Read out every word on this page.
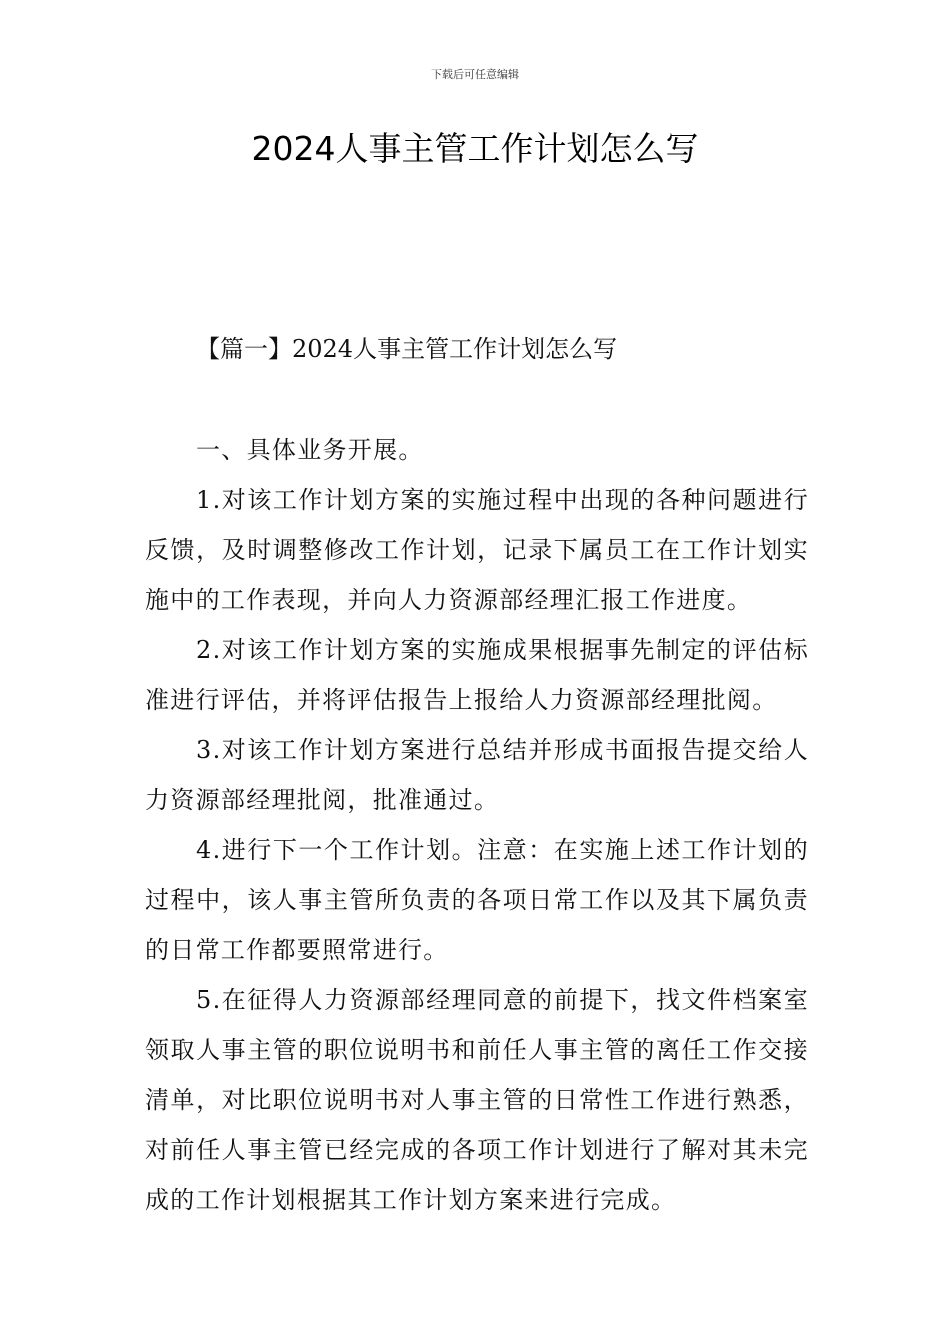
下载后可任意编辑
2024人事主管工作计划怎么写
【篇一】2024人事主管工作计划怎么写

一、具体业务开展。

1.对该工作计划方案的实施过程中出现的各种问题进行反馈，及时调整修改工作计划，记录下属员工在工作计划实施中的工作表现，并向人力资源部经理汇报工作进度。

2.对该工作计划方案的实施成果根据事先制定的评估标准进行评估，并将评估报告上报给人力资源部经理批阅。

3.对该工作计划方案进行总结并形成书面报告提交给人力资源部经理批阅，批准通过。

4.进行下一个工作计划。注意：在实施上述工作计划的过程中，该人事主管所负责的各项日常工作以及其下属负责的日常工作都要照常进行。

5.在征得人力资源部经理同意的前提下，找文件档案室领取人事主管的职位说明书和前任人事主管的离任工作交接清单，对比职位说明书对人事主管的日常性工作进行熟悉，对前任人事主管已经完成的各项工作计划进行了解对其未完成的工作计划根据其工作计划方案来进行完成。
